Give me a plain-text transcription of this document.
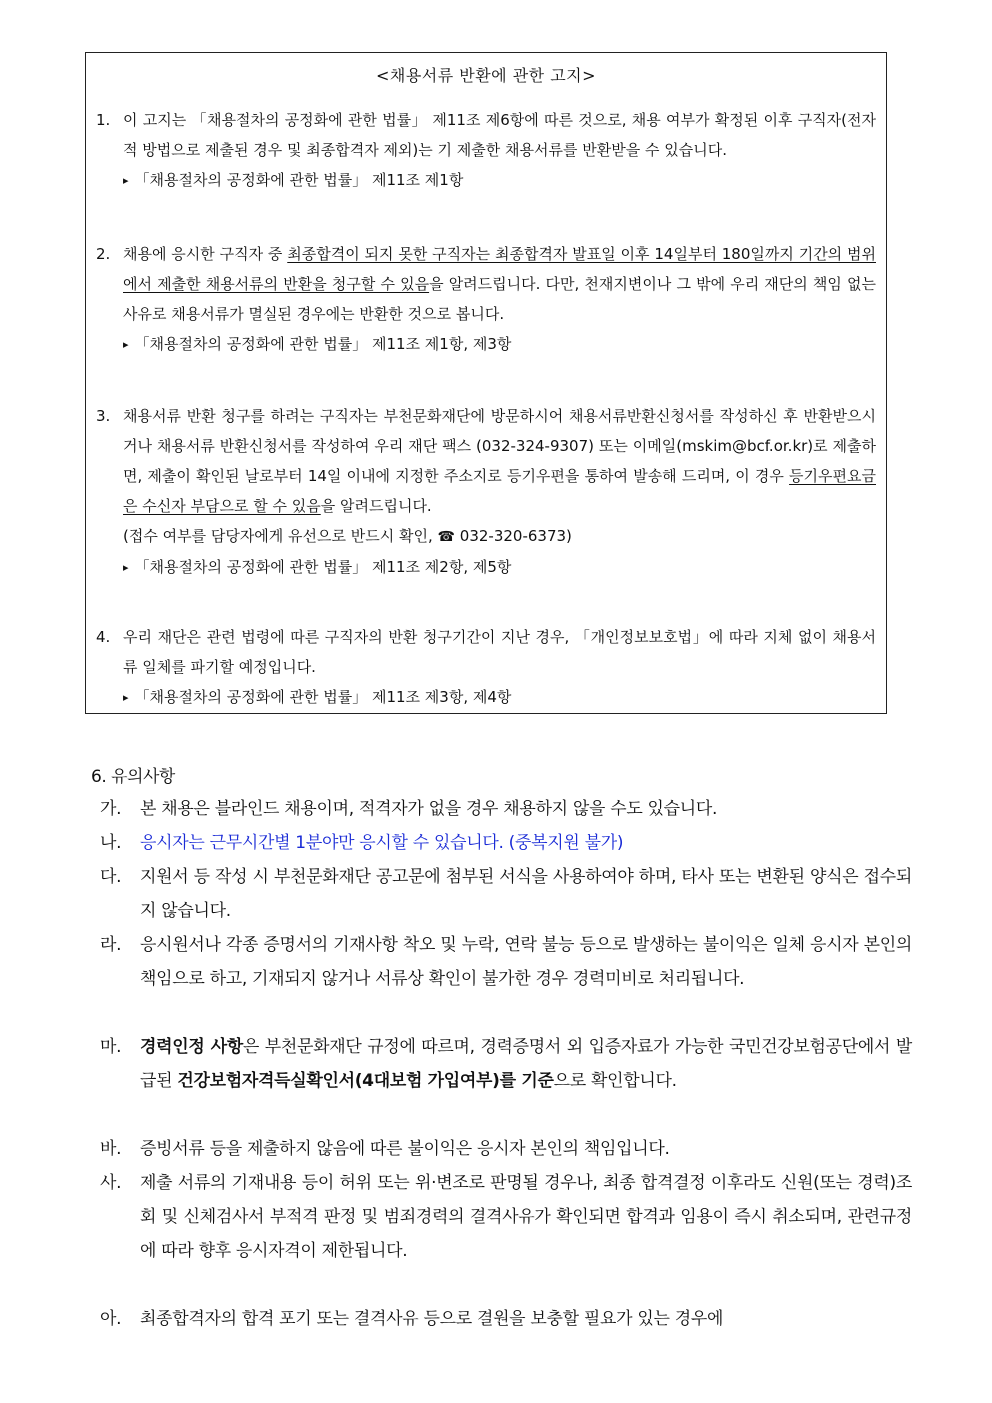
<채용서류 반환에 관한 고지>
1. 이 고지는 「채용절차의 공정화에 관한 법률」 제11조 제6항에 따른 것으로, 채용 여부가 확정된 이후 구직자(전자적 방법으로 제출된 경우 및 최종합격자 제외)는 기 제출한 채용서류를 반환받을 수 있습니다.
▸ 「채용절차의 공정화에 관한 법률」 제11조 제1항
2. 채용에 응시한 구직자 중 최종합격이 되지 못한 구직자는 최종합격자 발표일 이후 14일부터 180일까지 기간의 범위에서 제출한 채용서류의 반환을 청구할 수 있음을 알려드립니다. 다만, 천재지변이나 그 밖에 우리 재단의 책임 없는 사유로 채용서류가 멸실된 경우에는 반환한 것으로 봅니다.
▸ 「채용절차의 공정화에 관한 법률」 제11조 제1항, 제3항
3. 채용서류 반환 청구를 하려는 구직자는 부천문화재단에 방문하시어 채용서류반환신청서를 작성하신 후 반환받으시거나 채용서류 반환신청서를 작성하여 우리 재단 팩스 (032-324-9307) 또는 이메일(mskim@bcf.or.kr)로 제출하면, 제출이 확인된 날로부터 14일 이내에 지정한 주소지로 등기우편을 통하여 발송해 드리며, 이 경우 등기우편요금은 수신자 부담으로 할 수 있음을 알려드립니다.
(접수 여부를 담당자에게 유선으로 반드시 확인, ☎ 032-320-6373)
▸ 「채용절차의 공정화에 관한 법률」 제11조 제2항, 제5항
4. 우리 재단은 관련 법령에 따른 구직자의 반환 청구기간이 지난 경우, 「개인정보보호법」에 따라 지체 없이 채용서류 일체를 파기할 예정입니다.
▸ 「채용절차의 공정화에 관한 법률」 제11조 제3항, 제4항
6. 유의사항
가.	본 채용은 블라인드 채용이며, 적격자가 없을 경우 채용하지 않을 수도 있습니다.
나.	응시자는 근무시간별 1분야만 응시할 수 있습니다. (중복지원 불가)
다.	지원서 등 작성 시 부천문화재단 공고문에 첨부된 서식을 사용하여야 하며, 타사 또는 변환된 양식은 접수되지 않습니다.
라.	응시원서나 각종 증명서의 기재사항 착오 및 누락, 연락 불능 등으로 발생하는 불이익은 일체 응시자 본인의 책임으로 하고, 기재되지 않거나 서류상 확인이 불가한 경우 경력미비로 처리됩니다.
마.	경력인정 사항은 부천문화재단 규정에 따르며, 경력증명서 외 입증자료가 가능한 국민건강보험공단에서 발급된 건강보험자격득실확인서(4대보험 가입여부)를 기준으로 확인합니다.
바.	증빙서류 등을 제출하지 않음에 따른 불이익은 응시자 본인의 책임입니다.
사.	제출 서류의 기재내용 등이 허위 또는 위·변조로 판명될 경우나, 최종 합격결정 이후라도 신원(또는 경력)조회 및 신체검사서 부적격 판정 및 범죄경력의 결격사유가 확인되면 합격과 임용이 즉시 취소되며, 관련규정에 따라 향후 응시자격이 제한됩니다.
아.	최종합격자의 합격 포기 또는 결격사유 등으로 결원을 보충할 필요가 있는 경우에
